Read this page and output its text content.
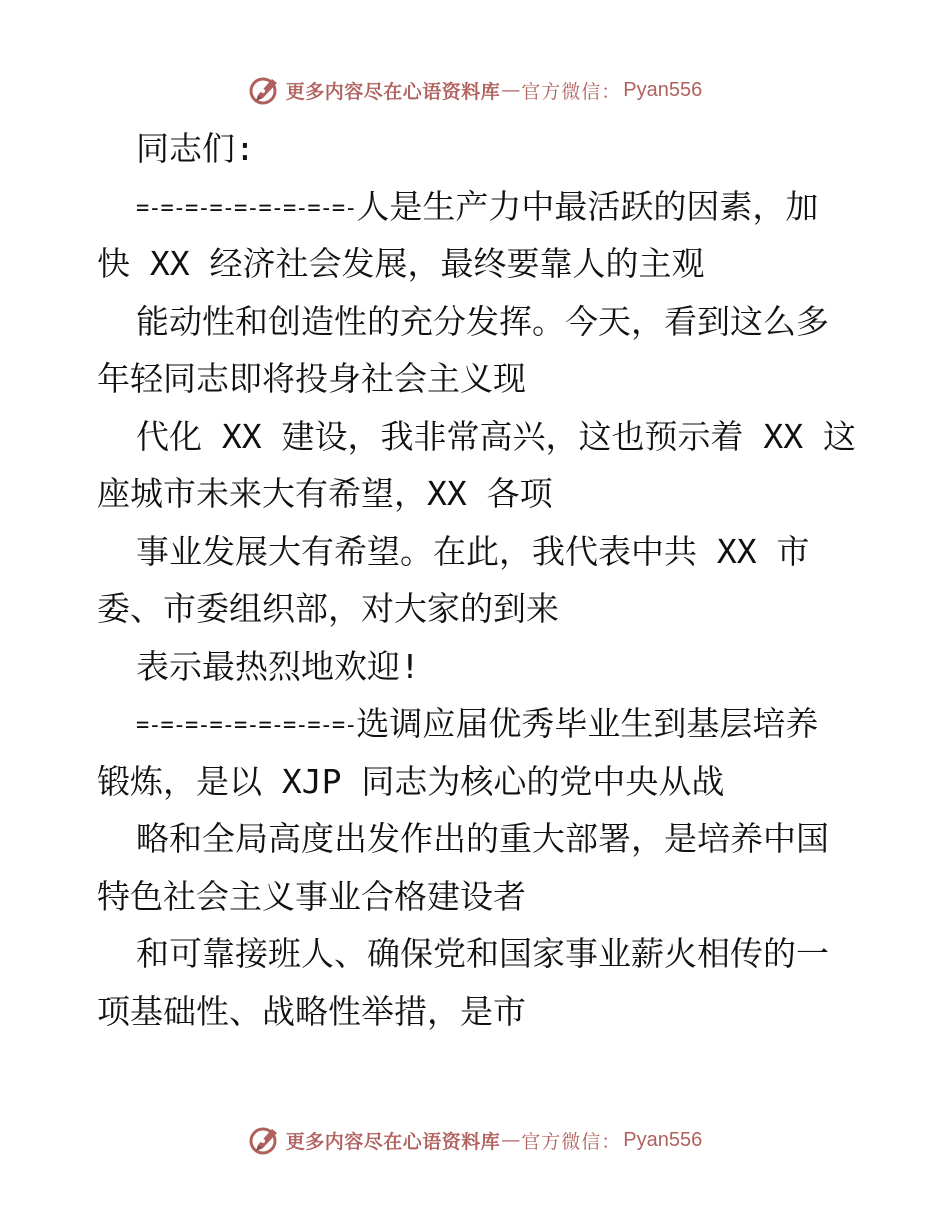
更多内容尽在心语资料库 — 官方微信： Pyan556
同志们:
=-=-=-=-=-=-=-=-=-人是生产力中最活跃的因素，加
快 XX 经济社会发展，最终要靠人的主观
能动性和创造性的充分发挥。今天，看到这么多
年轻同志即将投身社会主义现
代化 XX 建设，我非常高兴，这也预示着 XX 这
座城市未来大有希望，XX 各项
事业发展大有希望。在此，我代表中共 XX 市
委、市委组织部，对大家的到来
表示最热烈地欢迎!
=-=-=-=-=-=-=-=-=-选调应届优秀毕业生到基层培养
锻炼，是以 XJP 同志为核心的党中央从战
略和全局高度出发作出的重大部署，是培养中国
特色社会主义事业合格建设者
和可靠接班人、确保党和国家事业薪火相传的一
项基础性、战略性举措，是市
更多内容尽在心语资料库 — 官方微信： Pyan556
